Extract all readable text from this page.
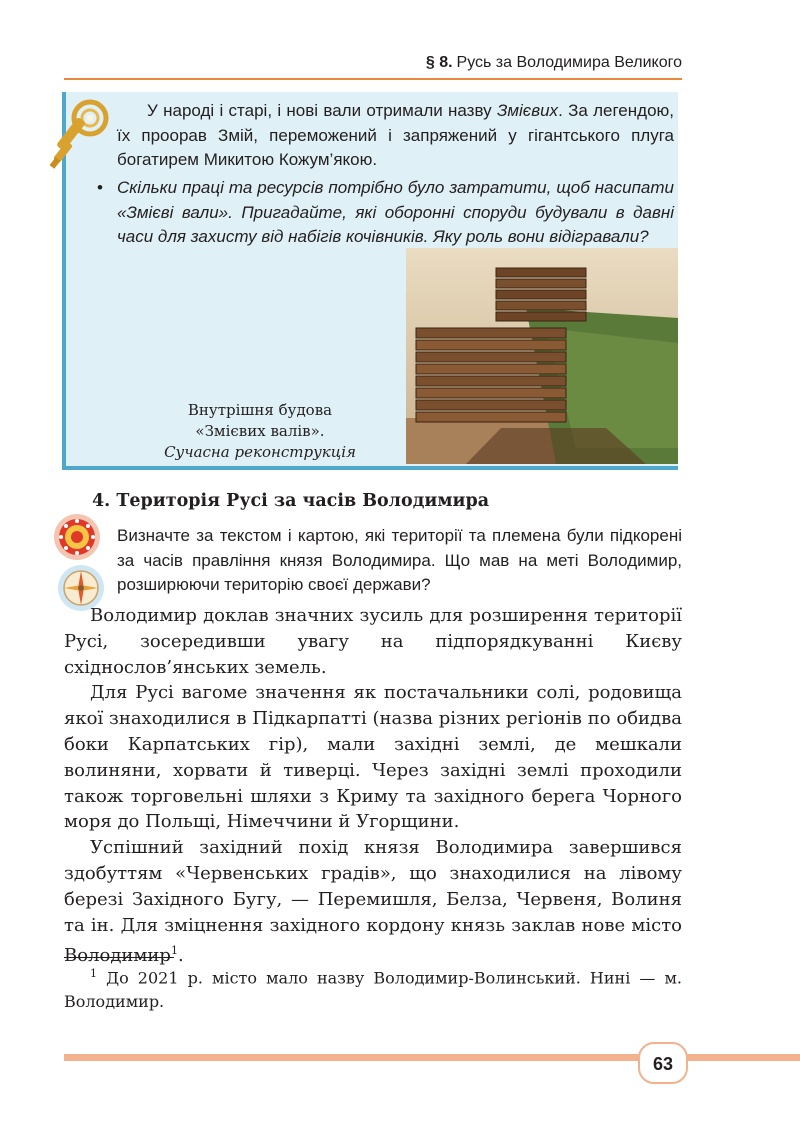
§ 8. Русь за Володимира Великого

У народі і старі, і нові вали отримали назву Змієвих. За легендою, їх проорав Змій, переможений і запряжений у гігантського плуга богатирем Микитою Кожум’якою.

• Скільки праці та ресурсів потрібно було затратити, щоб насипати «Змієві вали». Пригадайте, які оборонні споруди будували в давні часи для захисту від набігів кочівників. Яку роль вони відігравали?
Внутрішня будова
«Змієвих валів».
Сучасна реконструкція
4. Територія Русі за часів Володимира
Визначте за текстом і картою, які території та племена були підкорені за часів правління князя Володимира. Що мав на меті Володимир, розширюючи територію своєї держави?

Володимир доклав значних зусиль для розширення території Русі, зосередивши увагу на підпорядкуванні Києву східнослов’янських земель.

Для Русі вагоме значення як постачальники солі, родовища якої знаходилися в Підкарпатті (назва різних регіонів по обидва боки Карпатських гір), мали західні землі, де мешкали волиняни, хорвати й тиверці. Через західні землі проходили також торговельні шляхи з Криму та західного берега Чорного моря до Польщі, Німеччини й Угорщини.

Успішний західний похід князя Володимира завершився здобуттям «Червенських градів», що знаходилися на лівому березі Західного Бугу, — Перемишля, Белза, Червеня, Волиня та ін. Для зміцнення західного кордону князь заклав нове місто Володимир$^1$.

$^1$ До 2021 р. місто мало назву Володимир-Волинський. Нині — м. Володимир.

63
